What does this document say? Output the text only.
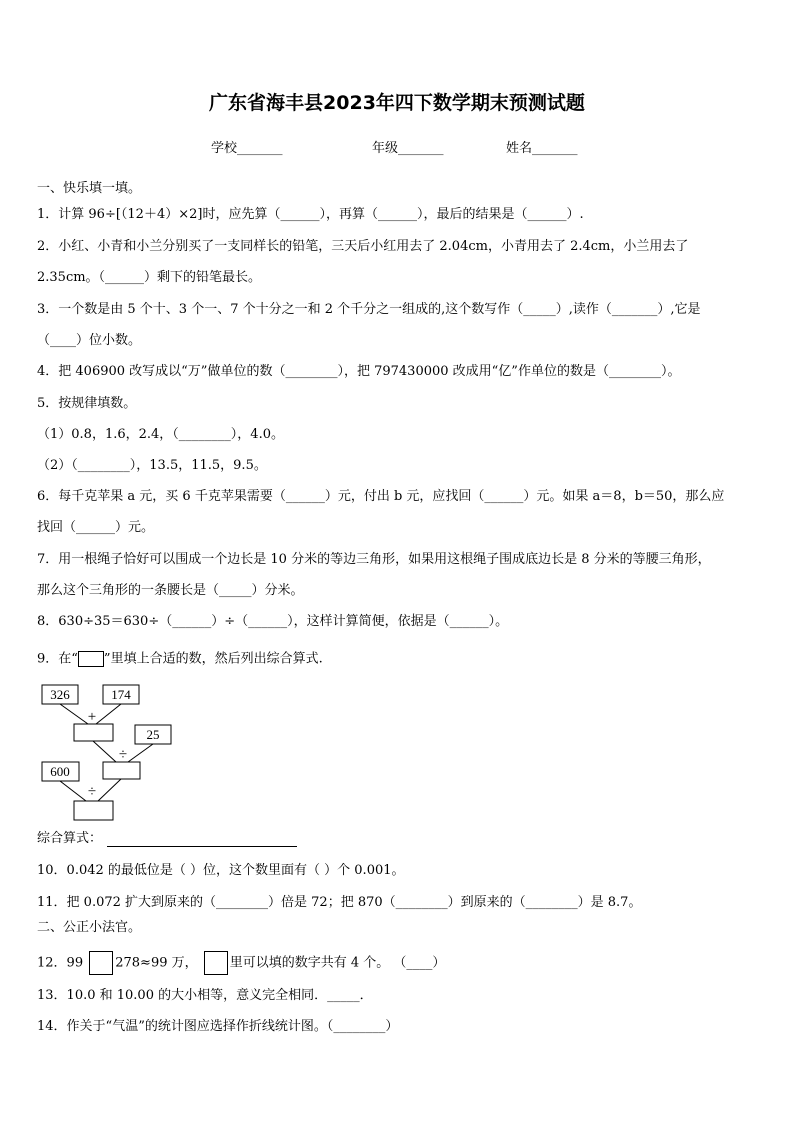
广东省海丰县2023年四下数学期末预测试题
学校_______	年级_______	姓名_______
一、快乐填一填。
1．计算 96÷[（12＋4）×2]时，应先算（______），再算（______），最后的结果是（______）.
2．小红、小青和小兰分别买了一支同样长的铅笔，三天后小红用去了 2.04cm，小青用去了 2.4cm，小兰用去了
2.35cm。（______）剩下的铅笔最长。
3．一个数是由 5 个十、3 个一、7 个十分之一和 2 个千分之一组成的,这个数写作（_____）,读作（_______）,它是
（____）位小数。
4．把 406900 改写成以“万”做单位的数（________），把 797430000 改成用“亿”作单位的数是（________）。
5．按规律填数。
（1）0.8，1.6，2.4，（________），4.0。
（2）（________），13.5，11.5，9.5。
6．每千克苹果 a 元，买 6 千克苹果需要（______）元，付出 b 元，应找回（______）元。如果 a＝8，b＝50，那么应
找回（______）元。
7．用一根绳子恰好可以围成一个边长是 10 分米的等边三角形，如果用这根绳子围成底边长是 8 分米的等腰三角形，
那么这个三角形的一条腰长是（_____）分米。
8．630÷35＝630÷（______）÷（______），这样计算简便，依据是（______）。
9．在“ ”里填上合适的数，然后列出综合算式.
326	174
25
600
+
÷
÷
综合算式：
10．0.042 的最低位是（ ）位，这个数里面有（ ）个 0.001。
11．把 0.072 扩大到原来的（________）倍是 72；把 870（________）到原来的（________）是 8.7。
二、公正小法官。
12．99 278≈99 万， 里可以填的数字共有 4 个。 （____）
13．10.0 和 10.00 的大小相等，意义完全相同．_____．
14．作关于“气温”的统计图应选择作折线统计图。（________）
